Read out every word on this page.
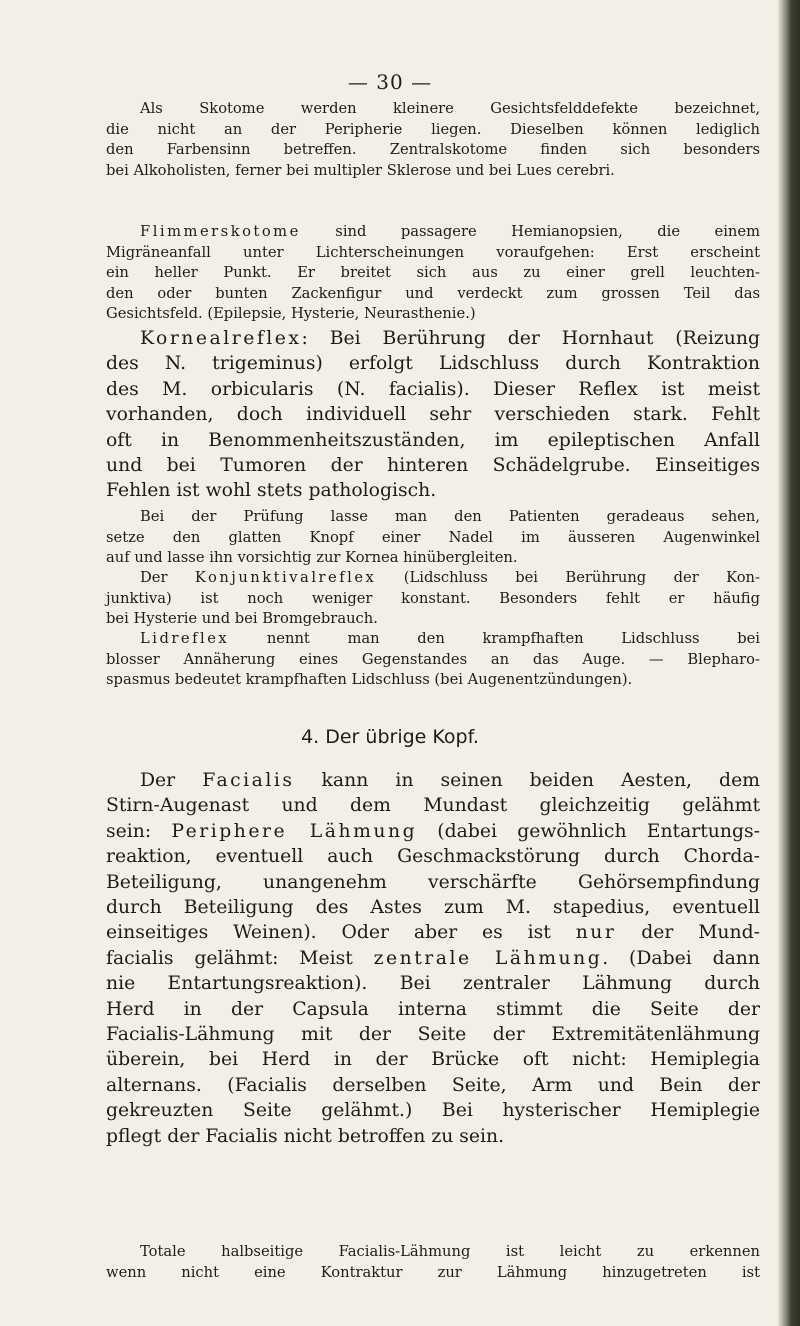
— 30 —
Als Skotome werden kleinere Gesichtsfelddefekte bezeichnet,
die nicht an der Peripherie liegen. Dieselben können lediglich
den Farbensinn betreffen. Zentralskotome finden sich besonders
bei Alkoholisten, ferner bei multipler Sklerose und bei Lues cerebri.
Flimmerskotome sind passagere Hemianopsien, die einem
Migräneanfall unter Lichterscheinungen voraufgehen: Erst erscheint
ein heller Punkt. Er breitet sich aus zu einer grell leuchten-
den oder bunten Zackenfigur und verdeckt zum grossen Teil das
Gesichtsfeld. (Epilepsie, Hysterie, Neurasthenie.)
Kornealreflex: Bei Berührung der Hornhaut (Reizung
des N. trigeminus) erfolgt Lidschluss durch Kontraktion
des M. orbicularis (N. facialis). Dieser Reflex ist meist
vorhanden, doch individuell sehr verschieden stark. Fehlt
oft in Benommenheitszuständen, im epileptischen Anfall
und bei Tumoren der hinteren Schädelgrube. Einseitiges
Fehlen ist wohl stets pathologisch.
Bei der Prüfung lasse man den Patienten geradeaus sehen,
setze den glatten Knopf einer Nadel im äusseren Augenwinkel
auf und lasse ihn vorsichtig zur Kornea hinübergleiten.
Der Konjunktivalreflex (Lidschluss bei Berührung der Kon-
junktiva) ist noch weniger konstant. Besonders fehlt er häufig
bei Hysterie und bei Bromgebrauch.
Lidreflex nennt man den krampfhaften Lidschluss bei
blosser Annäherung eines Gegenstandes an das Auge. — Blepharo-
spasmus bedeutet krampfhaften Lidschluss (bei Augenentzündungen).
4. Der übrige Kopf.
Der Facialis kann in seinen beiden Aesten, dem
Stirn-Augenast und dem Mundast gleichzeitig gelähmt
sein: Periphere Lähmung (dabei gewöhnlich Entartungs-
reaktion, eventuell auch Geschmackstörung durch Chorda-
Beteiligung, unangenehm verschärfte Gehörsempfindung
durch Beteiligung des Astes zum M. stapedius, eventuell
einseitiges Weinen). Oder aber es ist nur der Mund-
facialis gelähmt: Meist zentrale Lähmung. (Dabei dann
nie Entartungsreaktion). Bei zentraler Lähmung durch
Herd in der Capsula interna stimmt die Seite der
Facialis-Lähmung mit der Seite der Extremitätenlähmung
überein, bei Herd in der Brücke oft nicht: Hemiplegia
alternans. (Facialis derselben Seite, Arm und Bein der
gekreuzten Seite gelähmt.) Bei hysterischer Hemiplegie
pflegt der Facialis nicht betroffen zu sein.
Totale halbseitige Facialis-Lähmung ist leicht zu erkennen
wenn nicht eine Kontraktur zur Lähmung hinzugetreten ist
